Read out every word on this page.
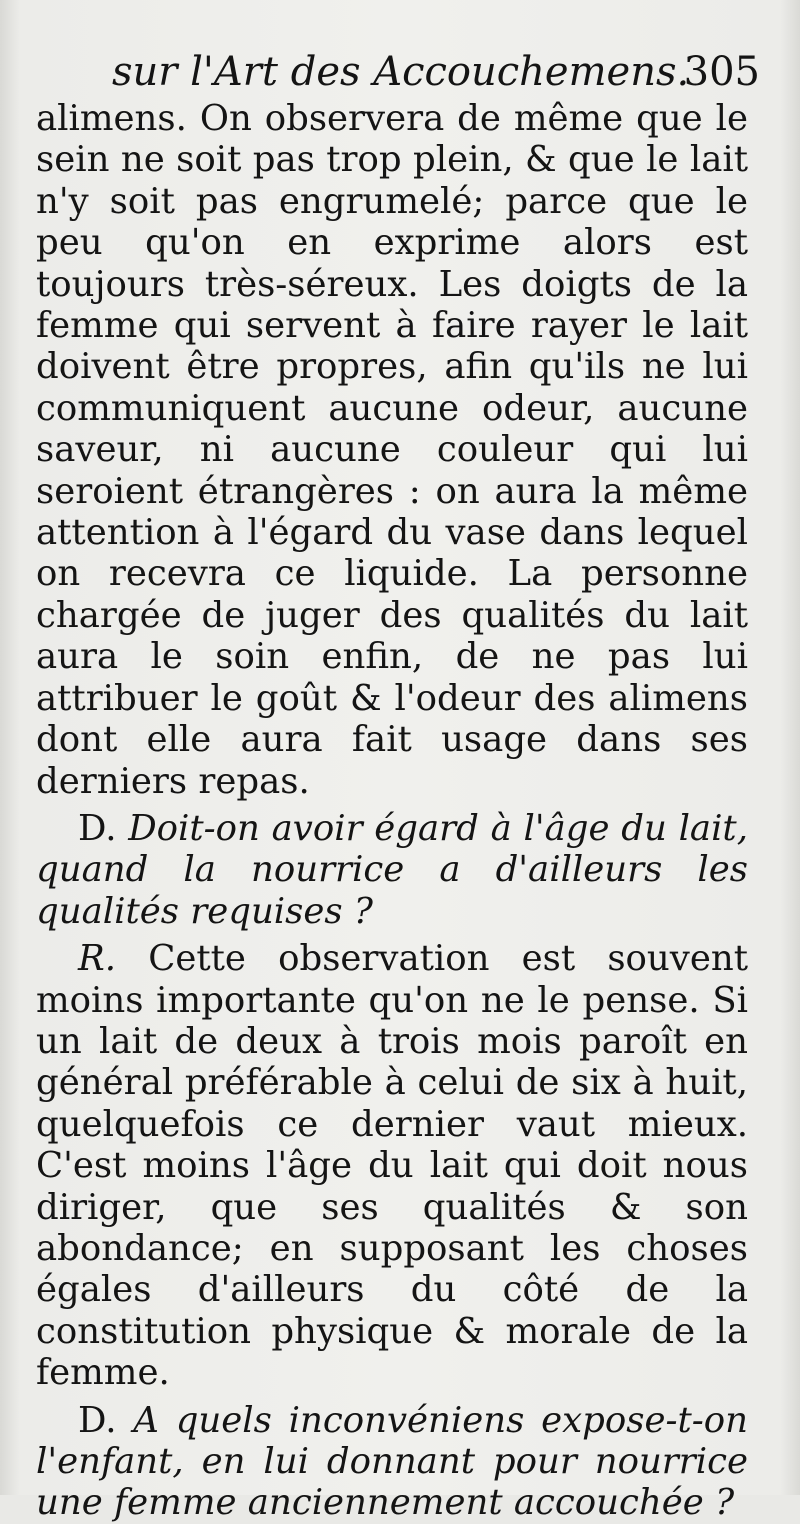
sur l'Art des Accouchemens.
305

alimens. On observera de même que le sein ne soit pas trop plein, & que le lait n'y soit pas engrumelé; parce que le peu qu'on en exprime alors est toujours très-séreux. Les doigts de la femme qui servent à faire rayer le lait doivent être propres, afin qu'ils ne lui communiquent aucune odeur, aucune saveur, ni aucune couleur qui lui seroient étrangères : on aura la même attention à l'égard du vase dans lequel on recevra ce liquide. La personne chargée de juger des qualités du lait aura le soin enfin, de ne pas lui attribuer le goût & l'odeur des alimens dont elle aura fait usage dans ses derniers repas.

D. Doit-on avoir égard à l'âge du lait, quand la nourrice a d'ailleurs les qualités requises ?

R. Cette observation est souvent moins importante qu'on ne le pense. Si un lait de deux à trois mois paroît en général préférable à celui de six à huit, quelquefois ce dernier vaut mieux. C'est moins l'âge du lait qui doit nous diriger, que ses qualités & son abondance; en supposant les choses égales d'ailleurs du côté de la constitution physique & morale de la femme.

D. A quels inconvéniens expose-t-on l'enfant, en lui donnant pour nourrice une femme anciennement accouchée ?
